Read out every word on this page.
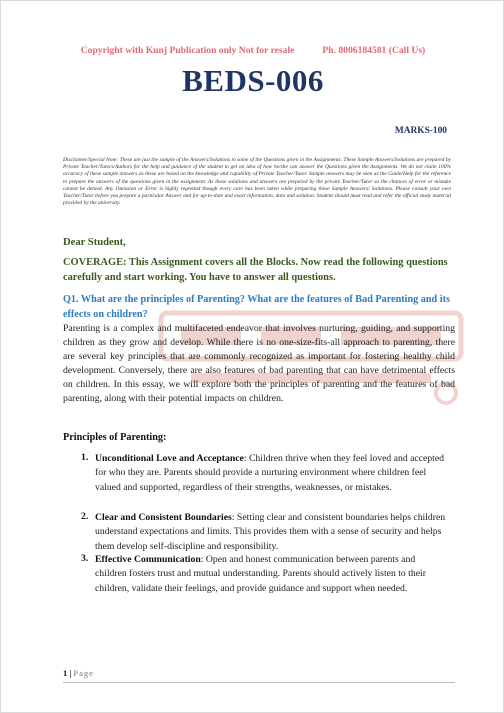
Copyright with Kunj Publication only Not for resale	Ph. 8006184581 (Call Us)
BEDS-006
MARKS-100
Disclaimer/Special Note: These are just the sample of the Answers/Solutions to some of the Questions given in the Assignments. These Sample Answers/Solutions are prepared by Private Teacher/Tutors/Authors for the help and guidance of the student to get an idea of how he/she can answer the Questions given the Assignments. We do not claim 100% accuracy of these sample answers as these are based on the knowledge and capability of Private Teacher/Tutor. Sample answers may be seen as the Guide/Help for the reference to prepare the answers of the questions given in the assignment. As these solutions and answers are prepared by the private Teacher/Tutor so the chances of error or mistake cannot be denied. Any Omission or Error is highly regretted though every care has been taken while preparing these Sample Answers/ Solutions. Please consult your own Teacher/Tutor before you prepare a particular Answer and for up-to-date and exact information, data and solution. Student should must read and refer the official study material provided by the university.
Dear Student,
COVERAGE: This Assignment covers all the Blocks. Now read the following questions carefully and start working. You have to answer all questions.
Q1. What are the principles of Parenting? What are the features of Bad Parenting and its effects on children?
Parenting is a complex and multifaceted endeavor that involves nurturing, guiding, and supporting children as they grow and develop. While there is no one-size-fits-all approach to parenting, there are several key principles that are commonly recognized as important for fostering healthy child development. Conversely, there are also features of bad parenting that can have detrimental effects on children. In this essay, we will explore both the principles of parenting and the features of bad parenting, along with their potential impacts on children.
Principles of Parenting:
1. Unconditional Love and Acceptance: Children thrive when they feel loved and accepted for who they are. Parents should provide a nurturing environment where children feel valued and supported, regardless of their strengths, weaknesses, or mistakes.
2. Clear and Consistent Boundaries: Setting clear and consistent boundaries helps children understand expectations and limits. This provides them with a sense of security and helps them develop self-discipline and responsibility.
3. Effective Communication: Open and honest communication between parents and children fosters trust and mutual understanding. Parents should actively listen to their children, validate their feelings, and provide guidance and support when needed.
1 | Page
